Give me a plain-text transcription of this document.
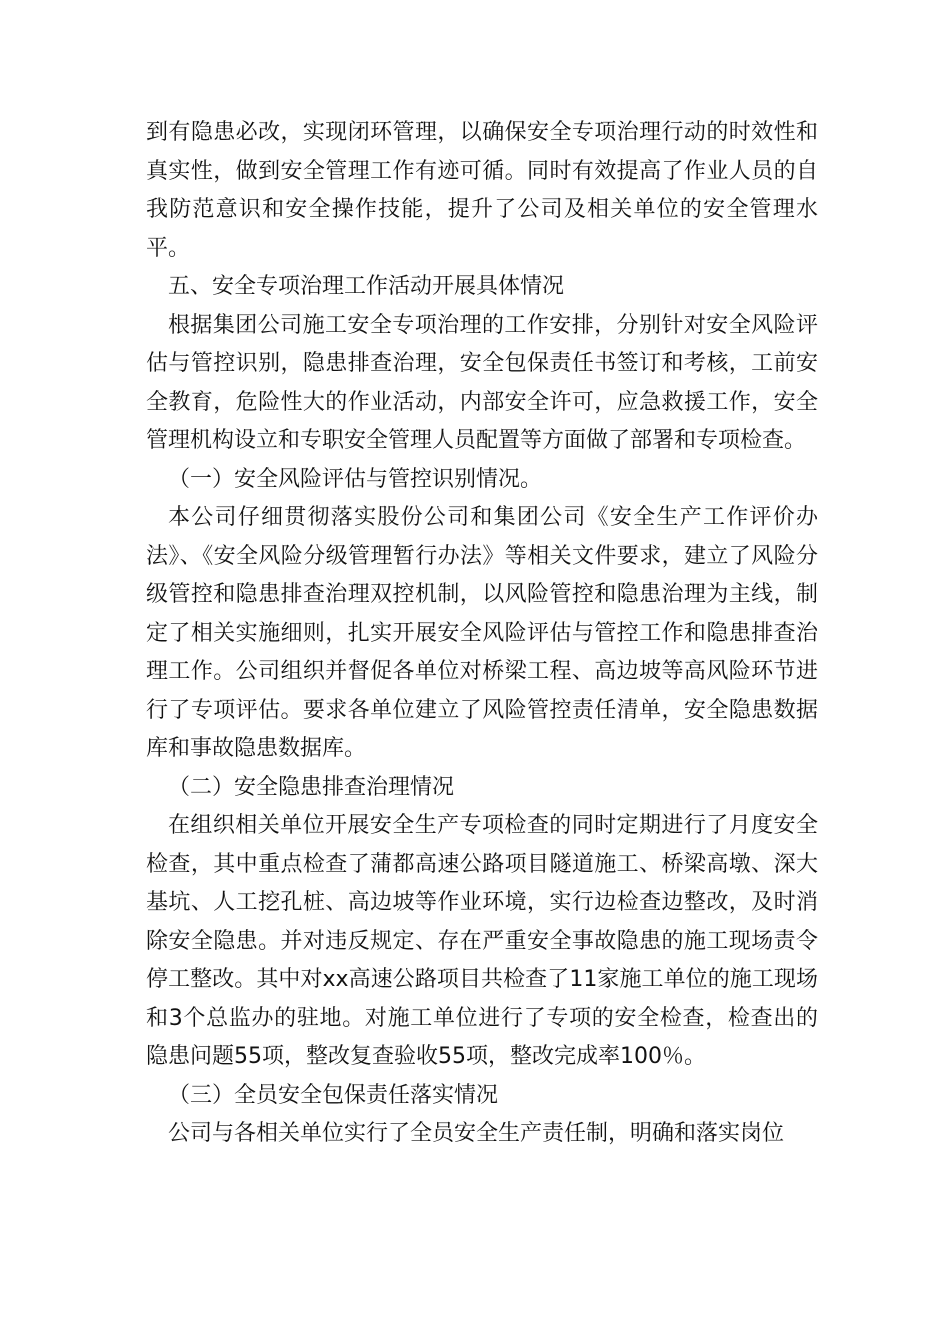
到有隐患必改，实现闭环管理，以确保安全专项治理行动的时效性和真实性，做到安全管理工作有迹可循。同时有效提高了作业人员的自我防范意识和安全操作技能，提升了公司及相关单位的安全管理水平。

五、安全专项治理工作活动开展具体情况

根据集团公司施工安全专项治理的工作安排，分别针对安全风险评估与管控识别，隐患排查治理，安全包保责任书签订和考核，工前安全教育，危险性大的作业活动，内部安全许可，应急救援工作，安全管理机构设立和专职安全管理人员配置等方面做了部署和专项检查。

（一）安全风险评估与管控识别情况。

本公司仔细贯彻落实股份公司和集团公司《安全生产工作评价办法》、《安全风险分级管理暂行办法》等相关文件要求，建立了风险分级管控和隐患排查治理双控机制，以风险管控和隐患治理为主线，制定了相关实施细则，扎实开展安全风险评估与管控工作和隐患排查治理工作。公司组织并督促各单位对桥梁工程、高边坡等高风险环节进行了专项评估。要求各单位建立了风险管控责任清单，安全隐患数据库和事故隐患数据库。

（二）安全隐患排查治理情况

在组织相关单位开展安全生产专项检查的同时定期进行了月度安全检查，其中重点检查了蒲都高速公路项目隧道施工、桥梁高墩、深大基坑、人工挖孔桩、高边坡等作业环境，实行边检查边整改，及时消除安全隐患。并对违反规定、存在严重安全事故隐患的施工现场责令停工整改。其中对xx高速公路项目共检查了11家施工单位的施工现场和3个总监办的驻地。对施工单位进行了专项的安全检查，检查出的隐患问题55项，整改复查验收55项，整改完成率100％。

（三）全员安全包保责任落实情况

公司与各相关单位实行了全员安全生产责任制，明确和落实岗位
